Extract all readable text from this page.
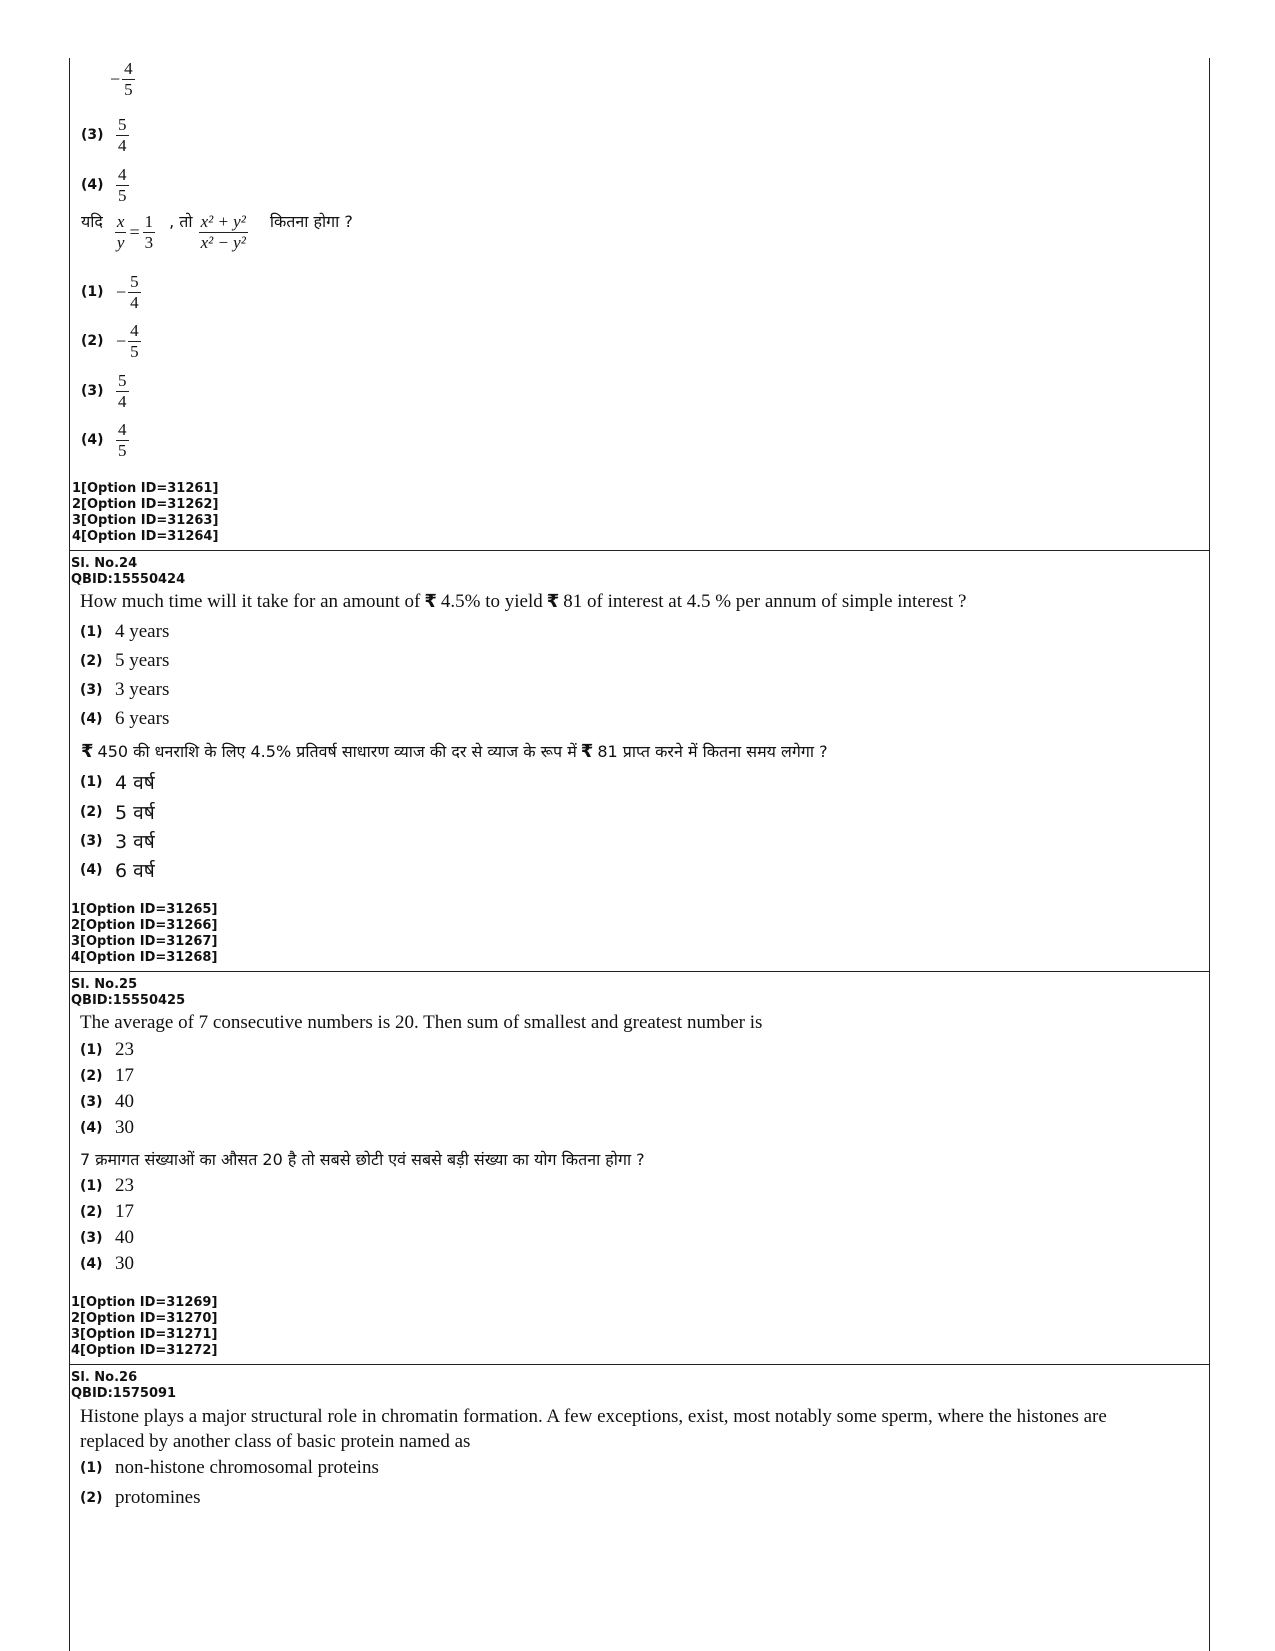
− $\frac{4}{5}$
$(3) \frac{5}{4}$
$(4) \frac{4}{5}$
यदि $\frac{x}{y} = \frac{1}{3}$ , तो $\frac{\text{x² + y²}}{\text{x² − y²}}$ कितना होगा ?
$(1) - \frac{5}{4}$
$(2) - \frac{4}{5}$
$(3) \frac{5}{4}$
$(4) \frac{4}{5}$
1[Option ID=31261]
2[Option ID=31262]
3[Option ID=31263]
4[Option ID=31264]
Sl. No.24
QBID:15550424
How much time will it take for an amount of ₹ 4.5% to yield ₹ 81 of interest at 4.5 % per annum of simple interest ?
(1) 4 years
(2) 5 years
(3) 3 years
(4) 6 years
₹ 450 की धनराशि के लिए 4.5% प्रतिवर्ष साधारण व्याज की दर से व्याज के रूप में ₹ 81 प्राप्त करने में कितना समय लगेगा ?
(1) 4 वर्ष
(2) 5 वर्ष
(3) 3 वर्ष
(4) 6 वर्ष
1[Option ID=31265]
2[Option ID=31266]
3[Option ID=31267]
4[Option ID=31268]
Sl. No.25
QBID:15550425
The average of 7 consecutive numbers is 20. Then sum of smallest and greatest number is
(1) 23
(2) 17
(3) 40
(4) 30
7 क्रमागत संख्याओं का औसत 20 है तो सबसे छोटी एवं सबसे बड़ी संख्या का योग कितना होगा ?
(1) 23
(2) 17
(3) 40
(4) 30
1[Option ID=31269]
2[Option ID=31270]
3[Option ID=31271]
4[Option ID=31272]
Sl. No.26
QBID:1575091
Histone plays a major structural role in chromatin formation. A few exceptions, exist, most notably some sperm, where the histones are
replaced by another class of basic protein named as
(1) non-histone chromosomal proteins
(2) protomines
